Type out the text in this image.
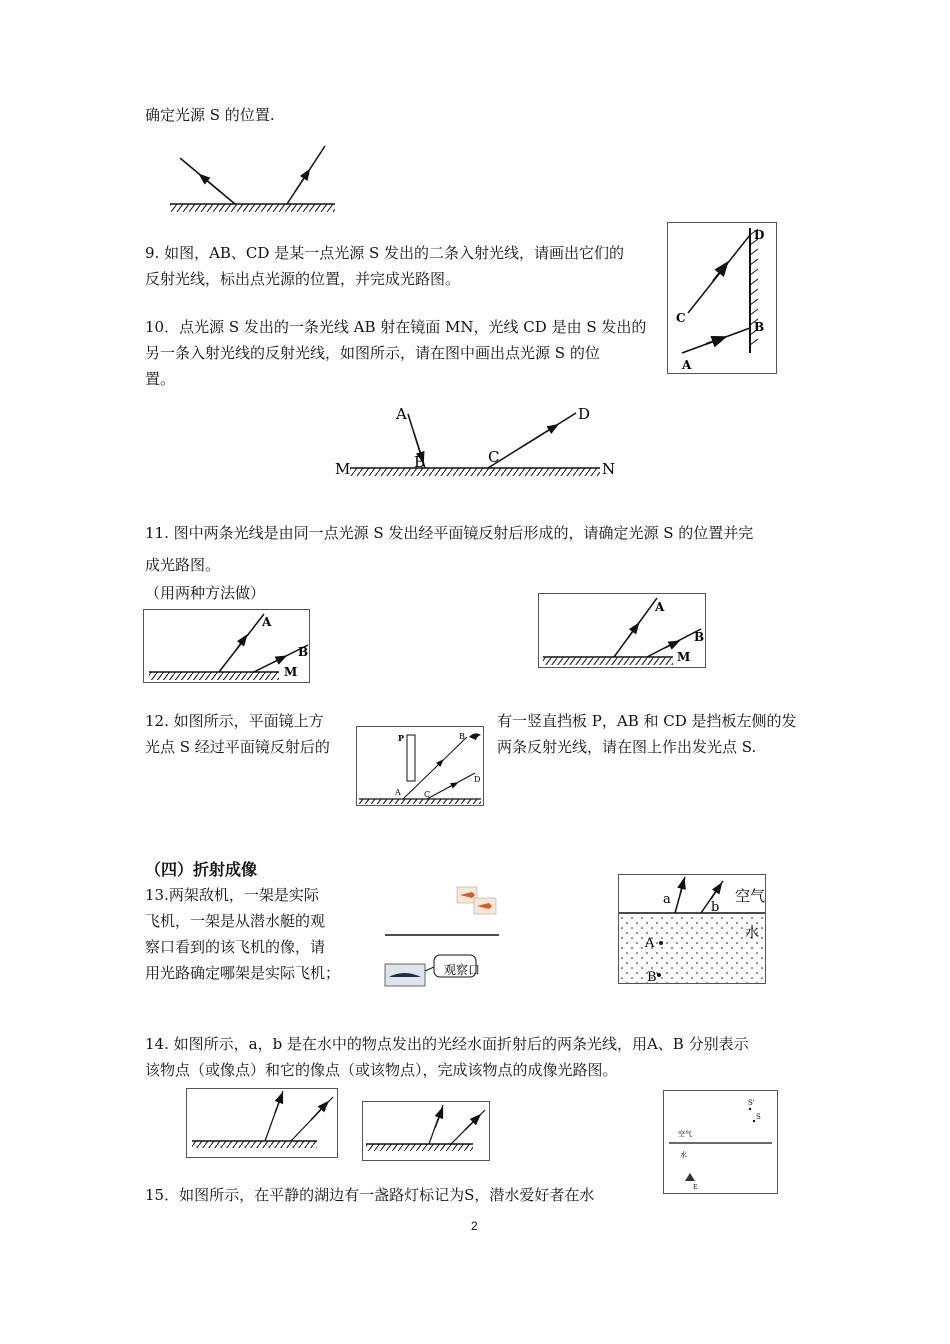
确定光源 S 的位置.
9. 如图，AB、CD 是某一点光源 S 发出的二条入射光线，请画出它们的
反射光线，标出点光源的位置，并完成光路图。
D
C
B
A
10．点光源 S 发出的一条光线 AB 射在镜面 MN，光线 CD 是由 S 发出的
另一条入射光线的反射光线，如图所示，请在图中画出点光源 S 的位
置。
A
B	C
D
M	N
11. 图中两条光线是由同一点光源 S 发出经平面镜反射后形成的，请确定光源 S 的位置并完
成光路图。
（用两种方法做）
A
B
M
A
B
M
12. 如图所示，平面镜上方	有一竖直挡板 P，AB 和 CD 是挡板左侧的发
光点 S 经过平面镜反射后的	两条反射光线，请在图上作出发光点 S.
P
A
B
C
D
（四）折射成像
13.两架敌机，一架是实际
飞机，一架是从潜水艇的观
察口看到的该飞机的像，请
用光路确定哪架是实际飞机；	观察口
a
b
空气
水
A
B
14. 如图所示，a，b 是在水中的物点发出的光经水面折射后的两条光线，用A、B 分别表示
该物点（或像点）和它的像点（或该物点），完成该物点的成像光路图。
S'
S
空气
水
E
15．如图所示，在平静的湖边有一盏路灯标记为S，潜水爱好者在水
2
